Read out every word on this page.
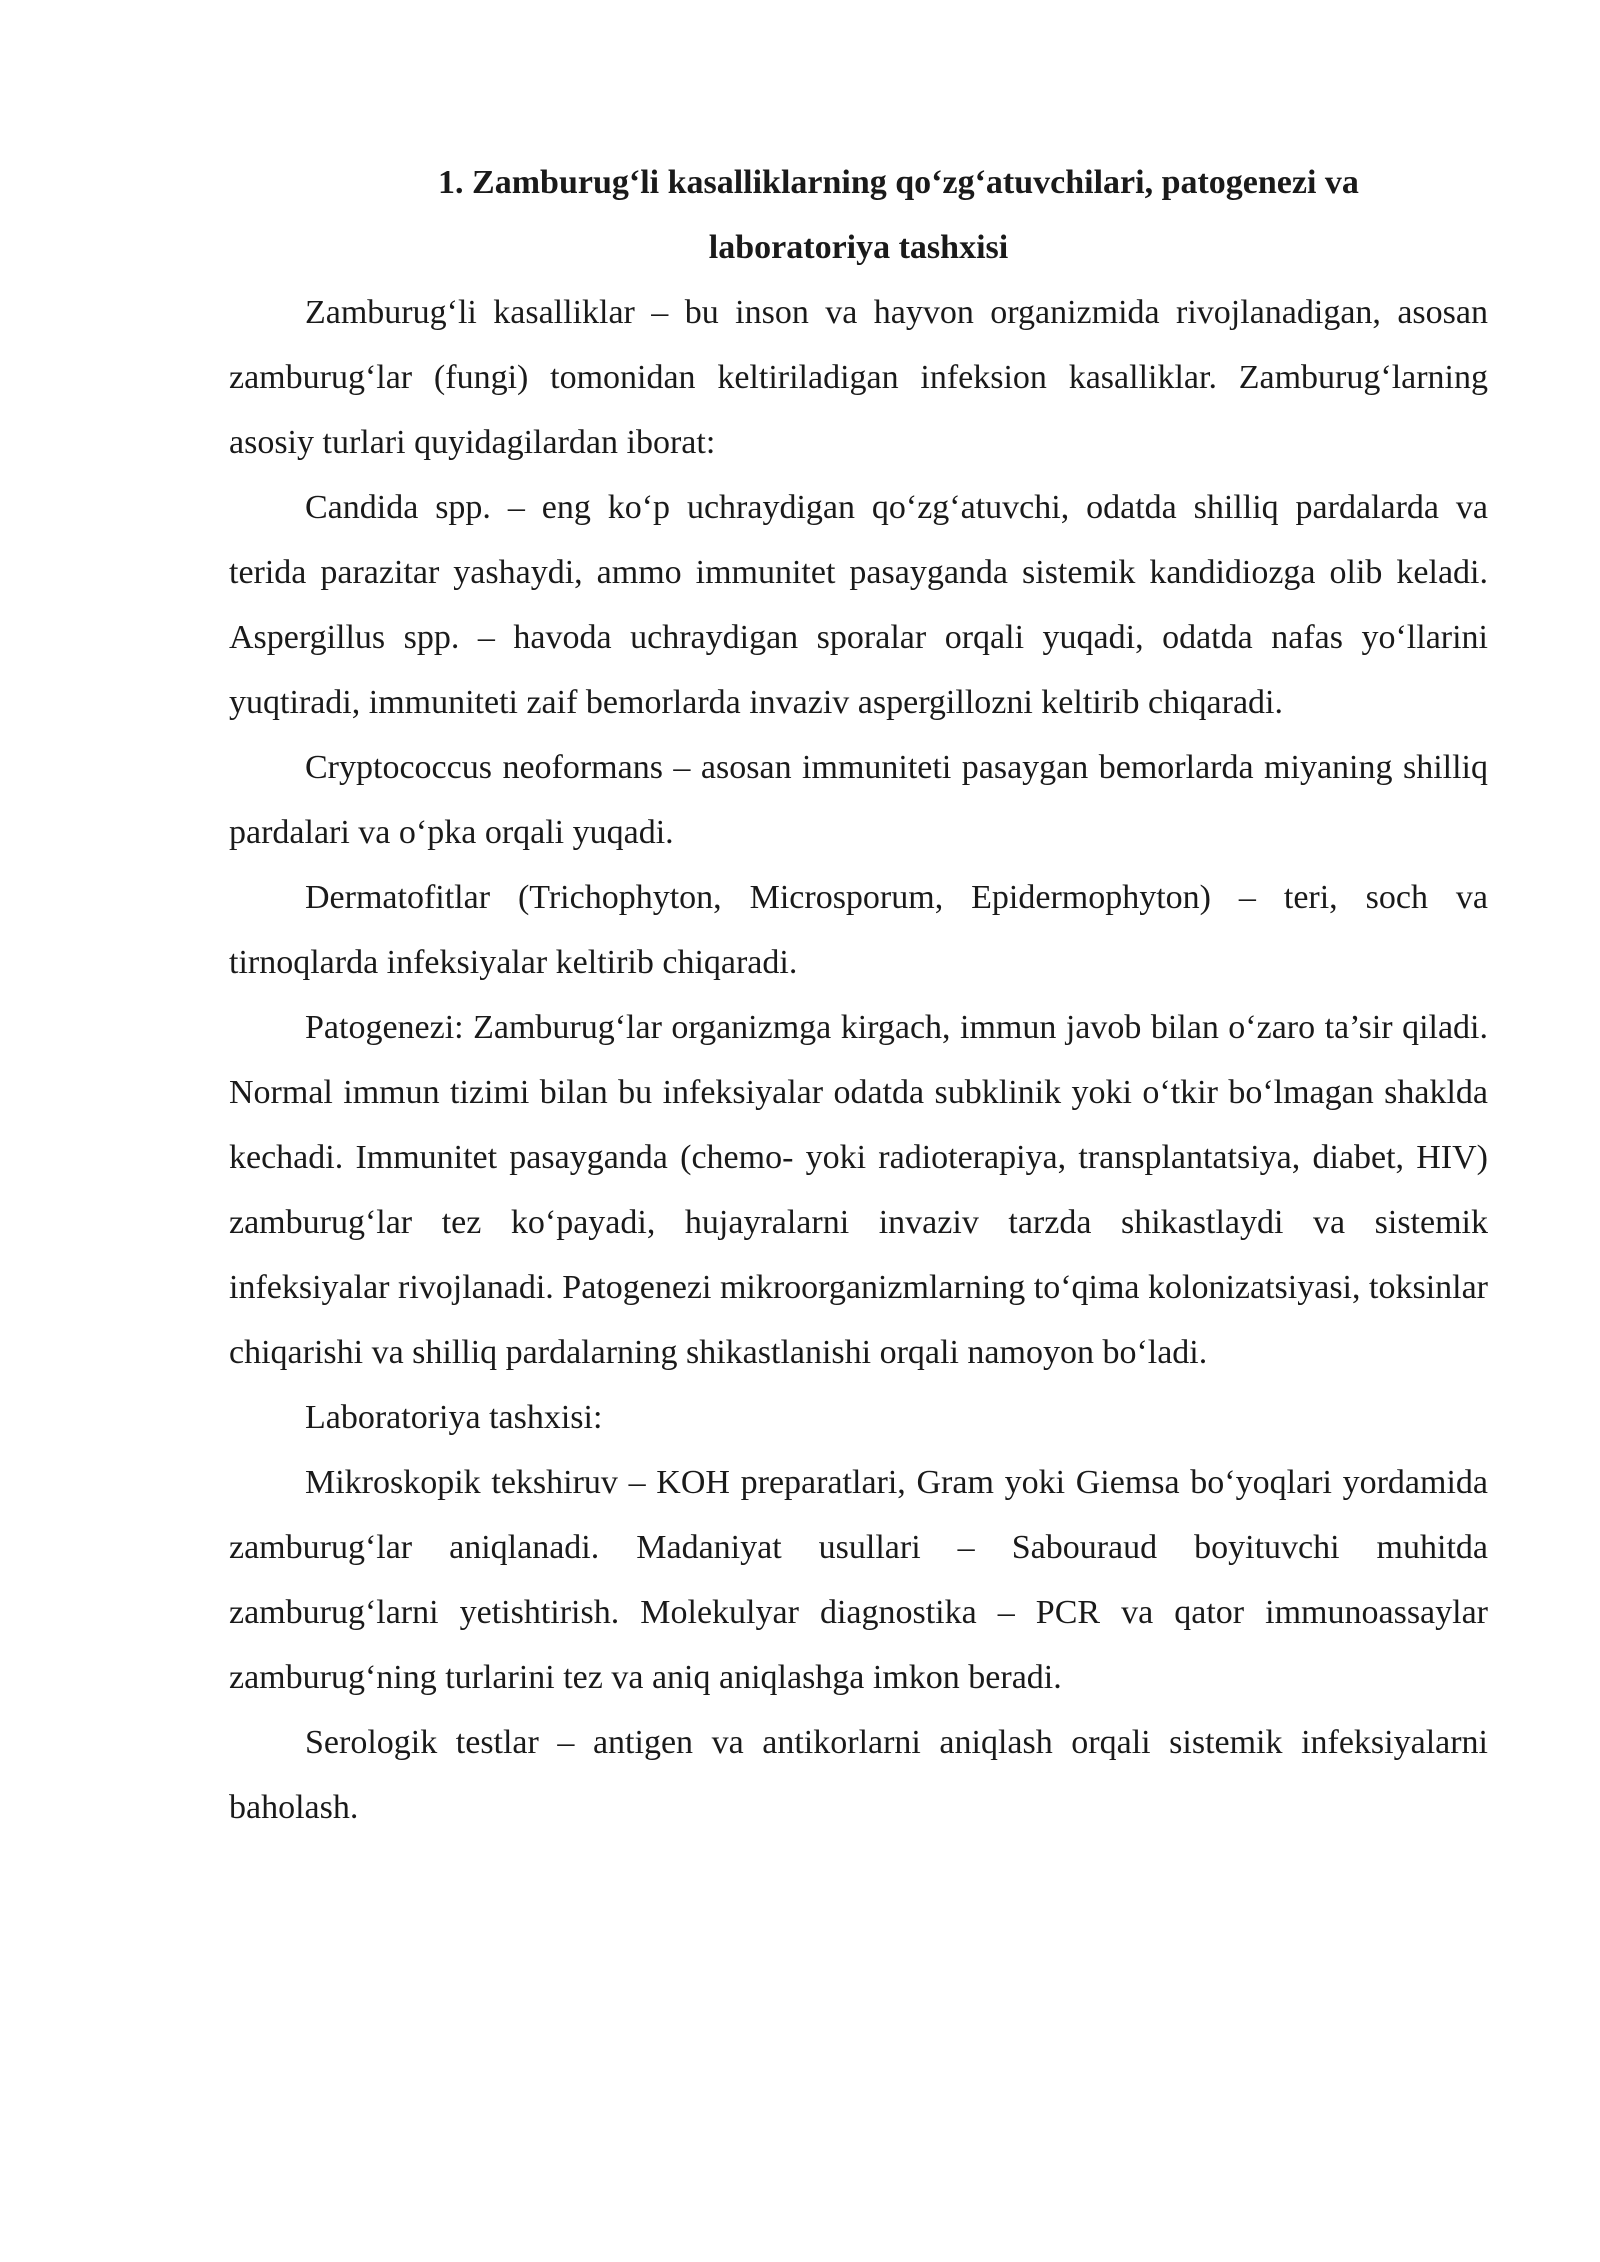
1. Zamburug‘li kasalliklarning qo‘zg‘atuvchilari, patogenezi va
laboratoriya tashxisi

Zamburug‘li kasalliklar – bu inson va hayvon organizmida rivojlanadigan, asosan zamburug‘lar (fungi) tomonidan keltiriladigan infeksion kasalliklar. Zamburug‘larning asosiy turlari quyidagilardan iborat:

Candida spp. – eng ko‘p uchraydigan qo‘zg‘atuvchi, odatda shilliq pardalarda va terida parazitar yashaydi, ammo immunitet pasayganda sistemik kandidiozga olib keladi. Aspergillus spp. – havoda uchraydigan sporalar orqali yuqadi, odatda nafas yo‘llarini yuqtiradi, immuniteti zaif bemorlarda invaziv aspergillozni keltirib chiqaradi.

Cryptococcus neoformans – asosan immuniteti pasaygan bemorlarda miyaning shilliq pardalari va o‘pka orqali yuqadi.

Dermatofitlar (Trichophyton, Microsporum, Epidermophyton) – teri, soch va tirnoqlarda infeksiyalar keltirib chiqaradi.

Patogenezi: Zamburug‘lar organizmga kirgach, immun javob bilan o‘zaro ta’sir qiladi. Normal immun tizimi bilan bu infeksiyalar odatda subklinik yoki o‘tkir bo‘lmagan shaklda kechadi. Immunitet pasayganda (chemo- yoki radioterapiya, transplantatsiya, diabet, HIV) zamburug‘lar tez ko‘payadi, hujayralarni invaziv tarzda shikastlaydi va sistemik infeksiyalar rivojlanadi. Patogenezi mikroorganizmlarning to‘qima kolonizatsiyasi, toksinlar chiqarishi va shilliq pardalarning shikastlanishi orqali namoyon bo‘ladi.

Laboratoriya tashxisi:

Mikroskopik tekshiruv – KOH preparatlari, Gram yoki Giemsa bo‘yoqlari yordamida zamburug‘lar aniqlanadi. Madaniyat usullari – Sabouraud boyituvchi muhitda zamburug‘larni yetishtirish. Molekulyar diagnostika – PCR va qator immunoassaylar zamburug‘ning turlarini tez va aniq aniqlashga imkon beradi.

Serologik testlar – antigen va antikorlarni aniqlash orqali sistemik infeksiyalarni baholash.
